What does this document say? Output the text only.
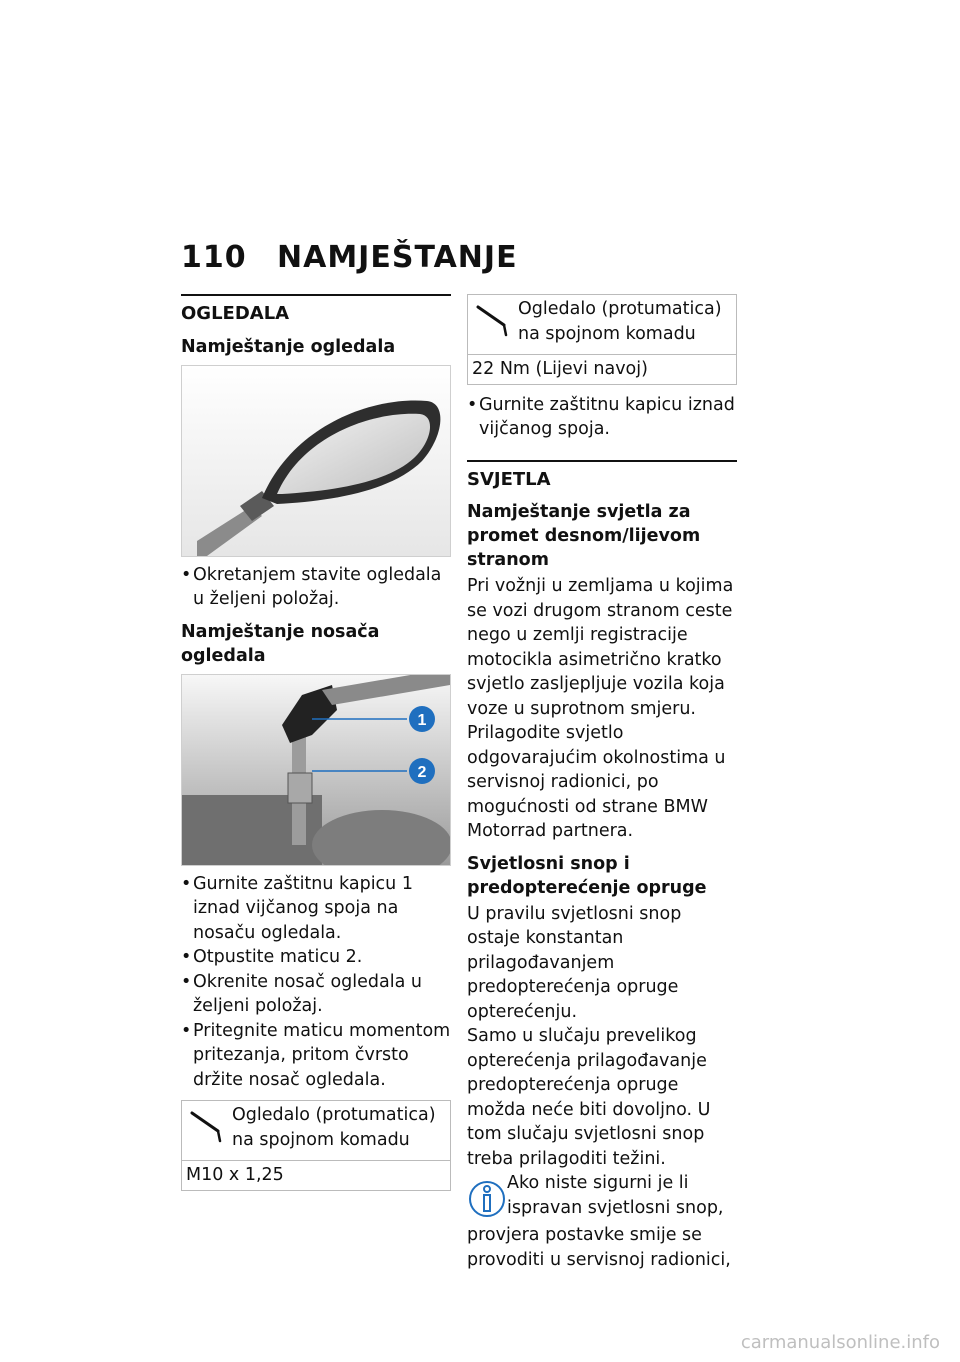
110 NAMJEŠTANJE
OGLEDALA
Namještanje ogledala
• Okretanjem stavite ogledala u željeni položaj.
Namještanje nosača ogledala
1
2
• Gurnite zaštitnu kapicu 1 iznad vijčanog spoja na nosaču ogledala.
• Otpustite maticu 2.
• Okrenite nosač ogledala u željeni položaj.
• Pritegnite maticu momentom pritezanja, pritom čvrsto držite nosač ogledala.
Ogledalo (protumatica) na spojnom komadu
M10 x 1,25
Ogledalo (protumatica) na spojnom komadu
22 Nm (Lijevi navoj)
• Gurnite zaštitnu kapicu iznad vijčanog spoja.
SVJETLA
Namještanje svjetla za promet desnom/lijevom stranom

Pri vožnji u zemljama u kojima se vozi drugom stranom ceste nego u zemlji registracije motocikla asimetrično kratko svjetlo zasljepljuje vozila koja voze u suprotnom smjeru.

Prilagodite svjetlo odgovarajućim okolnostima u servisnoj radionici, po mogućnosti od strane BMW Motorrad partnera.

Svjetlosni snop i predopterećenje opruge

U pravilu svjetlosni snop ostaje konstantan prilagođavanjem predopterećenja opruge opterećenju.

Samo u slučaju prevelikog opterećenja prilagođavanje predopterećenja opruge možda neće biti dovoljno. U tom slučaju svjetlosni snop treba prilagoditi težini.

Ako niste sigurni je li ispravan svjetlosni snop,

provjera postavke smije se provoditi u servisnoj radionici,

carmanualsonline.info
